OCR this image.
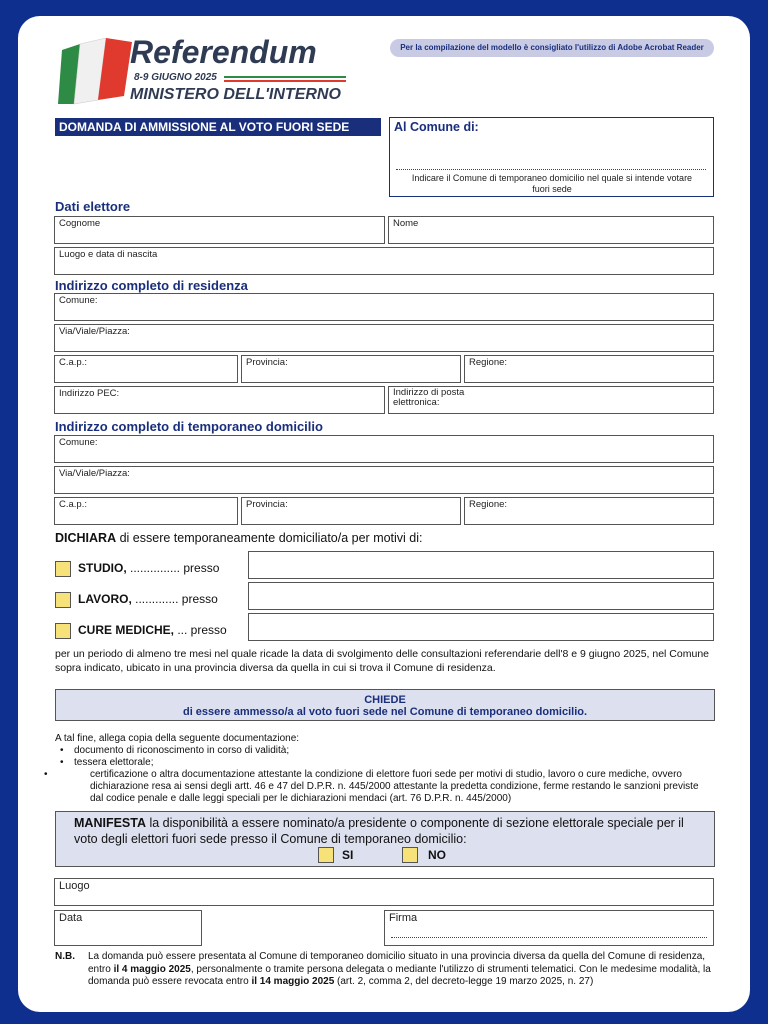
Referendum
8-9 GIUGNO 2025
MINISTERO DELL'INTERNO
Per la compilazione del modello è consigliato l'utilizzo di Adobe Acrobat Reader
DOMANDA DI AMMISSIONE AL VOTO FUORI SEDE	Al Comune di:
Indicare il Comune di temporaneo domicilio nel quale si intende votare fuori sede
Dati elettore
Cognome	Nome
Luogo e data di nascita
Indirizzo completo di residenza
Comune:
Via/Viale/Piazza:
C.a.p.:	Provincia:	Regione:
Indirizzo PEC:	Indirizzo di posta elettronica:
Indirizzo completo di temporaneo domicilio
Comune:
Via/Viale/Piazza:
C.a.p.:	Provincia:	Regione:
DICHIARA di essere temporaneamente domiciliato/a per motivi di:
STUDIO, ............... presso
LAVORO, ............. presso
CURE MEDICHE, ... presso
per un periodo di almeno tre mesi nel quale ricade la data di svolgimento delle consultazioni referendarie dell'8 e 9 giugno 2025, nel Comune sopra indicato, ubicato in una provincia diversa da quella in cui si trova il Comune di residenza.
CHIEDE
di essere ammesso/a al voto fuori sede nel Comune di temporaneo domicilio.
A tal fine, allega copia della seguente documentazione:
• documento di riconoscimento in corso di validità;
• tessera elettorale;
•	certificazione o altra documentazione attestante la condizione di elettore fuori sede per motivi di studio, lavoro o cure mediche, ovvero dichiarazione resa ai sensi degli artt. 46 e 47 del D.P.R. n. 445/2000 attestante la predetta condizione, ferme restando le sanzioni previste dal codice penale e dalle leggi speciali per le dichiarazioni mendaci (art. 76 D.P.R. n. 445/2000)
MANIFESTA la disponibilità a essere nominato/a presidente o componente di sezione elettorale speciale per il voto degli elettori fuori sede presso il Comune di temporaneo domicilio:
SI	NO
Luogo
Data	Firma
N.B. La domanda può essere presentata al Comune di temporaneo domicilio situato in una provincia diversa da quella del Comune di residenza, entro il 4 maggio 2025, personalmente o tramite persona delegata o mediante l'utilizzo di strumenti telematici. Con le medesime modalità, la domanda può essere revocata entro il 14 maggio 2025 (art. 2, comma 2, del decreto-legge 19 marzo 2025, n. 27)
